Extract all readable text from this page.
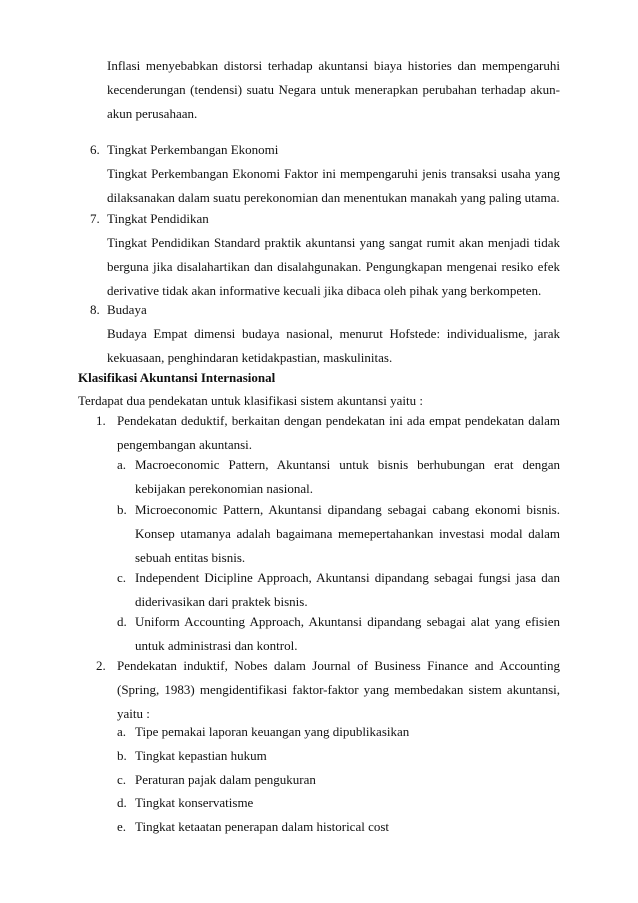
Inflasi menyebabkan distorsi terhadap akuntansi biaya histories dan mempengaruhi kecenderungan (tendensi) suatu Negara untuk menerapkan perubahan terhadap akun-akun perusahaan.

6. Tingkat Perkembangan Ekonomi

Tingkat Perkembangan Ekonomi Faktor ini mempengaruhi jenis transaksi usaha yang dilaksanakan dalam suatu perekonomian dan menentukan manakah yang paling utama.

7. Tingkat Pendidikan

Tingkat Pendidikan Standard praktik akuntansi yang sangat rumit akan menjadi tidak berguna jika disalahartikan dan disalahgunakan. Pengungkapan mengenai resiko efek derivative tidak akan informative kecuali jika dibaca oleh pihak yang berkompeten.

8. Budaya

Budaya Empat dimensi budaya nasional, menurut Hofstede: individualisme, jarak kekuasaan, penghindaran ketidakpastian, maskulinitas.

Klasifikasi Akuntansi Internasional

Terdapat dua pendekatan untuk klasifikasi sistem akuntansi yaitu :

1. Pendekatan deduktif, berkaitan dengan pendekatan ini ada empat pendekatan dalam pengembangan akuntansi.

a. Macroeconomic Pattern, Akuntansi untuk bisnis berhubungan erat dengan kebijakan perekonomian nasional.

b. Microeconomic Pattern, Akuntansi dipandang sebagai cabang ekonomi bisnis. Konsep utamanya adalah bagaimana memepertahankan investasi modal dalam sebuah entitas bisnis.

c. Independent Dicipline Approach, Akuntansi dipandang sebagai fungsi jasa dan diderivasikan dari praktek bisnis.

d. Uniform Accounting Approach, Akuntansi dipandang sebagai alat yang efisien untuk administrasi dan kontrol.

2. Pendekatan induktif, Nobes dalam Journal of Business Finance and Accounting (Spring, 1983) mengidentifikasi faktor-faktor yang membedakan sistem akuntansi, yaitu :

a. Tipe pemakai laporan keuangan yang dipublikasikan

b. Tingkat kepastian hukum

c. Peraturan pajak dalam pengukuran

d. Tingkat konservatisme

e. Tingkat ketaatan penerapan dalam historical cost
